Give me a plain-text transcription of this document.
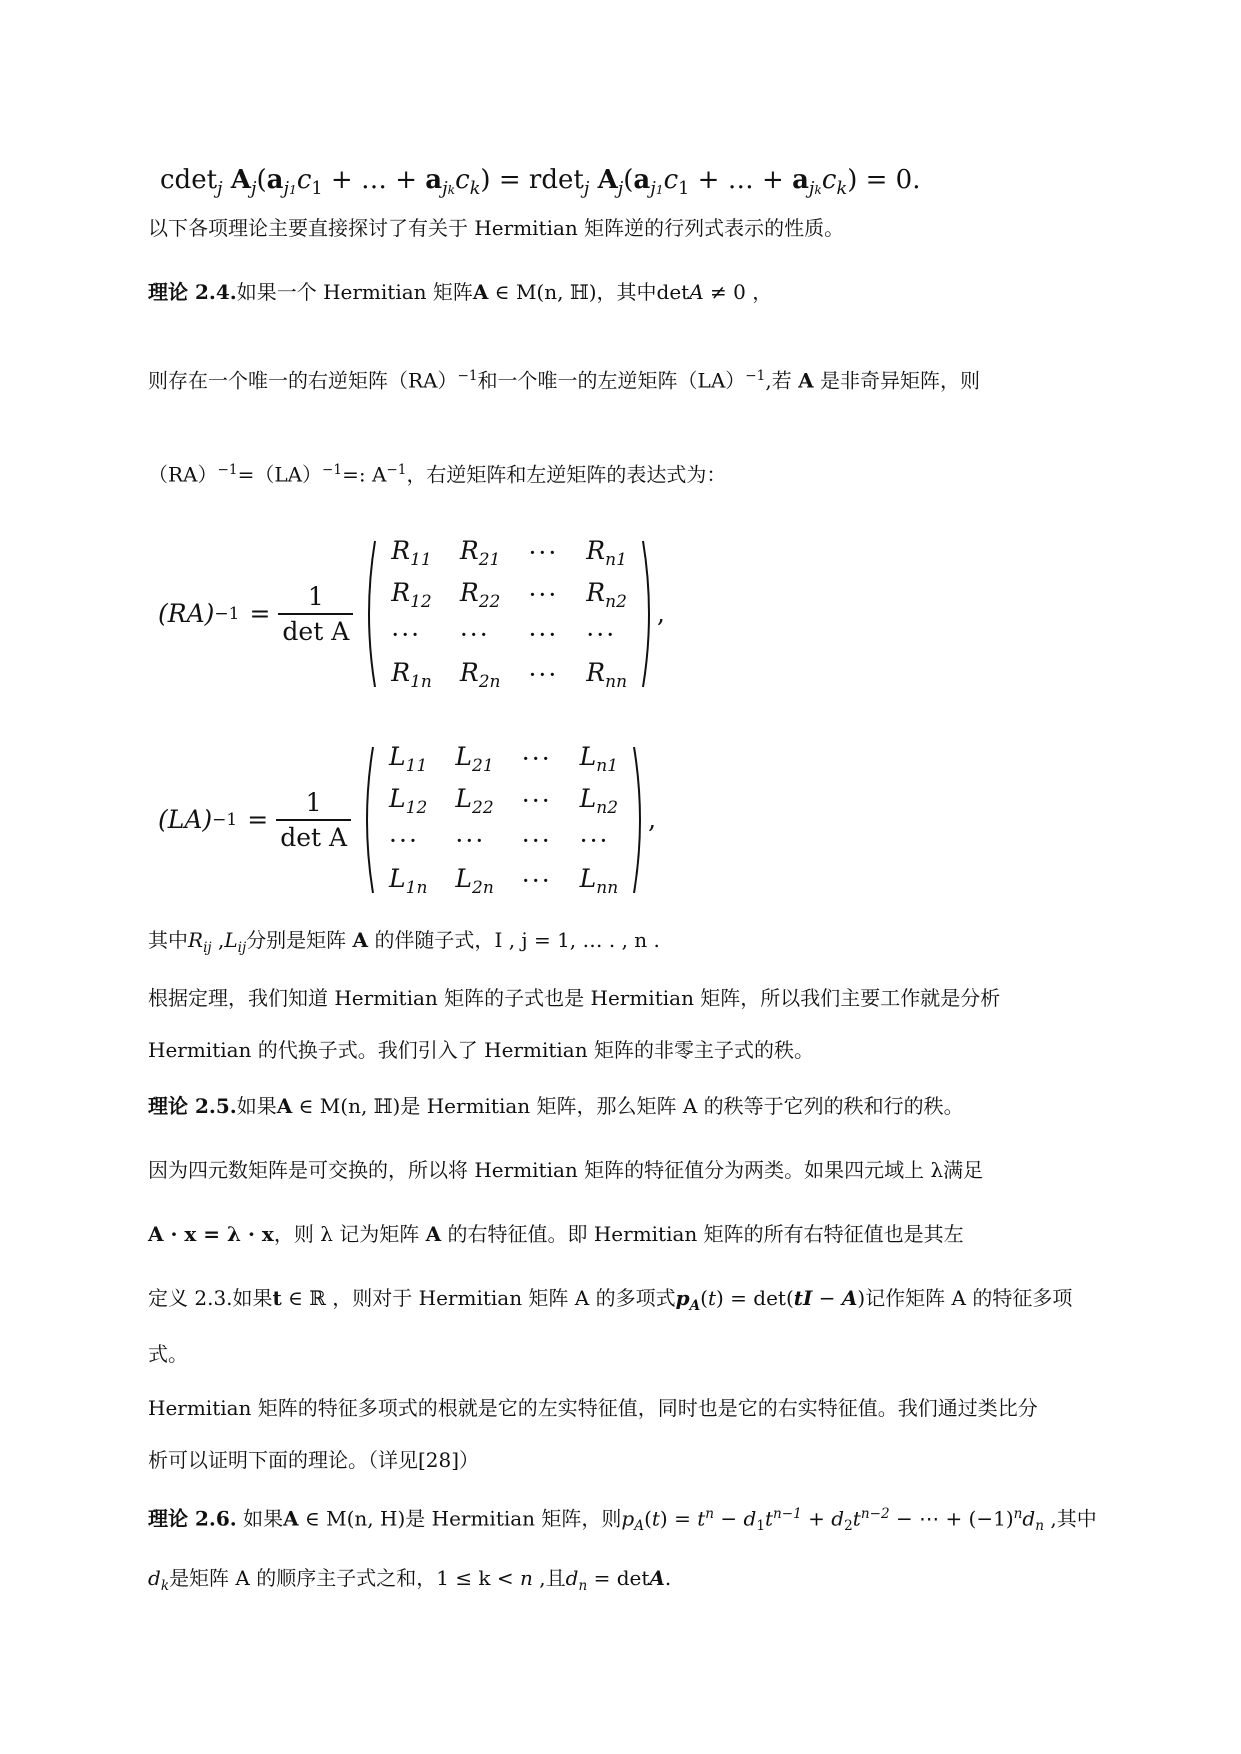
cdet$_j$ $A_j(a_{j1}c_1$ + … + $a_{jk}c_k) = rdet_j$ $A_j(a_{j1}c_1$ + … + $a_{jk}c_k) = 0$.
以下各项理论主要直接探讨了有关于 Hermitian 矩阵逆的行列式表示的性质。
理论 2.4.如果一个 Hermitian 矩阵A ∈ M(n, ℍ)，其中detA ≠ 0 ，
则存在一个唯一的右逆矩阵（RA）$^{-1}$和一个唯一的左逆矩阵（LA）$^{-1}$,若 A 是非奇异矩阵，则
（RA）$^{-1}$=（LA）$^{-1}$=: $A^{-1}$，右逆矩阵和左逆矩阵的表达式为：
$(RA) -1 = \frac{1}{\text{det A}}$
$R_{11}$	$R_{21}$	···	$R_{n1}$
$R_{12}$	$R_{22}$	···	$R_{n2}$
···	···	···	···
$R_{1n}$	$R_{2n}$	···	$R_{nn}$
,
$(LA) -1 = \frac{1}{\text{det A}}$
$L_{11}$	$L_{21}$	···	$L_{n1}$
$L_{12}$	$L_{22}$	···	$L_{n2}$
···	···	···	···
$L_{1n}$	$L_{2n}$	···	$L_{nn}$
,
其中$R_{ij}$ $,L_{ij}$分别是矩阵 A 的伴随子式，I , j = 1, … . , n .
根据定理，我们知道 Hermitian 矩阵的子式也是 Hermitian 矩阵，所以我们主要工作就是分析
Hermitian 的代换子式。我们引入了 Hermitian 矩阵的非零主子式的秩。
理论 2.5.如果A ∈ M(n, ℍ)是 Hermitian 矩阵，那么矩阵 A 的秩等于它列的秩和行的秩。
因为四元数矩阵是可交换的，所以将 Hermitian 矩阵的特征值分为两类。如果四元域上 λ满足
A · x = λ · x，则 λ 记为矩阵 A 的右特征值。即 Hermitian 矩阵的所有右特征值也是其左
定义 2.3.如果t ∈ ℝ ，则对于 Hermitian 矩阵 A 的多项式$p_A(t) = \det(tI - A)$记作矩阵 A 的特征多项
式。
Hermitian 矩阵的特征多项式的根就是它的左实特征值，同时也是它的右实特征值。我们通过类比分
析可以证明下面的理论。（详见[28]）
理论 2.6. 如果A ∈ M(n, H)是 Hermitian 矩阵，则$p_A(t) = t^n - d_1t^{n-1} + d_2t^{n-2}$ − ⋯ + $(-1)^nd_n$ ,其中
$d_k$是矩阵 A 的顺序主子式之和，1 ≤ k < n ,且$d_n = \det A$.
